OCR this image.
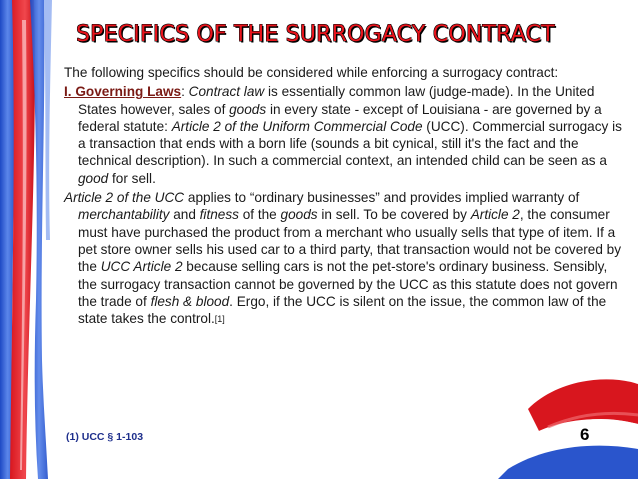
SPECIFICS OF THE SURROGACY CONTRACT

The following specifics should be considered while enforcing a surrogacy contract:

I. Governing Laws: Contract law is essentially common law (judge-made). In the United States however, sales of goods in every state - except of Louisiana - are governed by a federal statute: Article 2 of the Uniform Commercial Code (UCC). Commercial surrogacy is a transaction that ends with a born life (sounds a bit cynical, still it's the fact and the technical description). In such a commercial context, an intended child can be seen as a good for sell.

Article 2 of the UCC applies to “ordinary businesses” and provides implied warranty of merchantability and fitness of the goods in sell. To be covered by Article 2, the consumer must have purchased the product from a merchant who usually sells that type of item. If a pet store owner sells his used car to a third party, that transaction would not be covered by the UCC Article 2 because selling cars is not the pet-store's ordinary business. Sensibly, the surrogacy transaction cannot be governed by the UCC as this statute does not govern the trade of flesh & blood. Ergo, if the UCC is silent on the issue, the common law of the state takes the control.[1]

(1) UCC § 1-103	6
